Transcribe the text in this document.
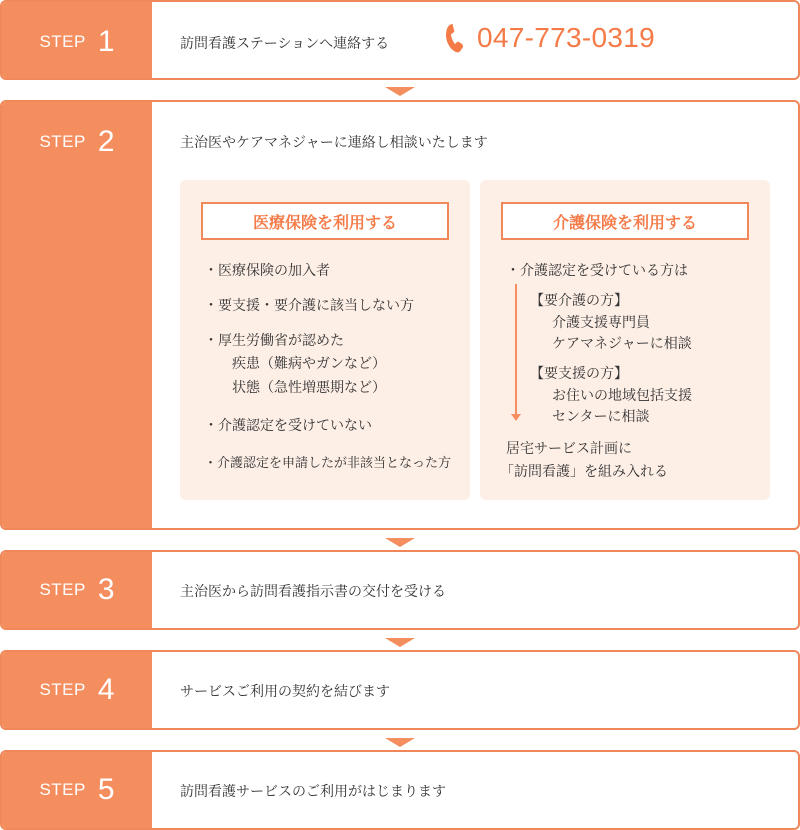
STEP 1	訪問看護ステーションへ連絡する	047-773-0319
STEP 2	主治医やケアマネジャーに連絡し相談いたします
医療保険を利用する
・医療保険の加入者
・要支援・要介護に該当しない方
・厚生労働省が認めた
疾患（難病やガンなど）
状態（急性増悪期など）
・介護認定を受けていない
・介護認定を申請したが非該当となった方
介護保険を利用する
・介護認定を受けている方は
【要介護の方】
介護支援専門員
ケアマネジャーに相談
【要支援の方】
お住いの地域包括支援
センターに相談
居宅サービス計画に
「訪問看護」を組み入れる
STEP 3	主治医から訪問看護指示書の交付を受ける
STEP 4	サービスご利用の契約を結びます
STEP 5	訪問看護サービスのご利用がはじまります
